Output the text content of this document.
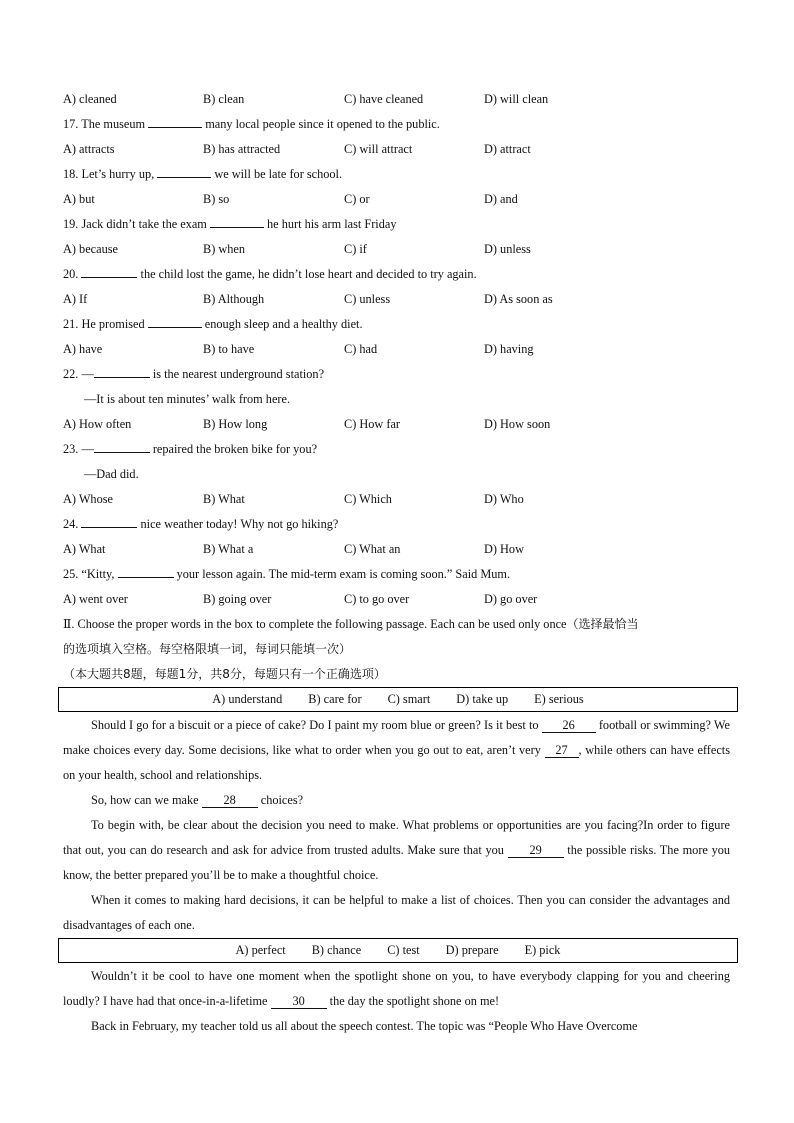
A) cleaned	B) clean	C) have cleaned	D) will clean
17. The museum	many local people since it opened to the public.
A) attracts	B) has attracted	C) will attract	D) attract
18. Let’s hurry up,	we will be late for school.
A) but	B) so	C) or	D) and
19. Jack didn’t take the exam	he hurt his arm last Friday
A) because	B) when	C) if	D) unless
20.	the child lost the game, he didn’t lose heart and decided to try again.
A) If	B) Although	C) unless	D) As soon as
21. He promised	enough sleep and a healthy diet.
A) have	B) to have	C) had	D) having
22. —	is the nearest underground station?
—It is about ten minutes’ walk from here.
A) How often	B) How long	C) How far	D) How soon
23. —	repaired the broken bike for you?
—Dad did.
A) Whose	B) What	C) Which	D) Who
24.	nice weather today! Why not go hiking?
A) What	B) What a	C) What an	D) How
25. “Kitty,	your lesson again. The mid-term exam is coming soon.” Said Mum.
A) went over	B) going over	C) to go over	D) go over
Ⅱ. Choose the proper words in the box to complete the following passage. Each can be used only once（选择最恰当
的选项填入空格。每空格限填一词，每词只能填一次）
（本大题共8题，每题1分，共8分，每题只有一个正确选项）
A) understand B) care for C) smart D) take up E) serious
Should I go for a biscuit or a piece of cake? Do I paint my room blue or green? Is it best to 26 football or swimming? We make choices every day. Some decisions, like what to order when you go out to eat, aren’t very 27 , while others can have effects on your health, school and relationships.
So, how can we make 28 choices?
To begin with, be clear about the decision you need to make. What problems or opportunities are you facing?In order to figure that out, you can do research and ask for advice from trusted adults. Make sure that you 29 the possible risks. The more you know, the better prepared you’ll be to make a thoughtful choice.
When it comes to making hard decisions, it can be helpful to make a list of choices. Then you can consider the advantages and disadvantages of each one.
A) perfect B) chance C) test D) prepare E) pick
Wouldn’t it be cool to have one moment when the spotlight shone on you, to have everybody clapping for you and cheering loudly? I have had that once-in-a-lifetime 30 the day the spotlight shone on me!
Back in February, my teacher told us all about the speech contest. The topic was “People Who Have Overcome
